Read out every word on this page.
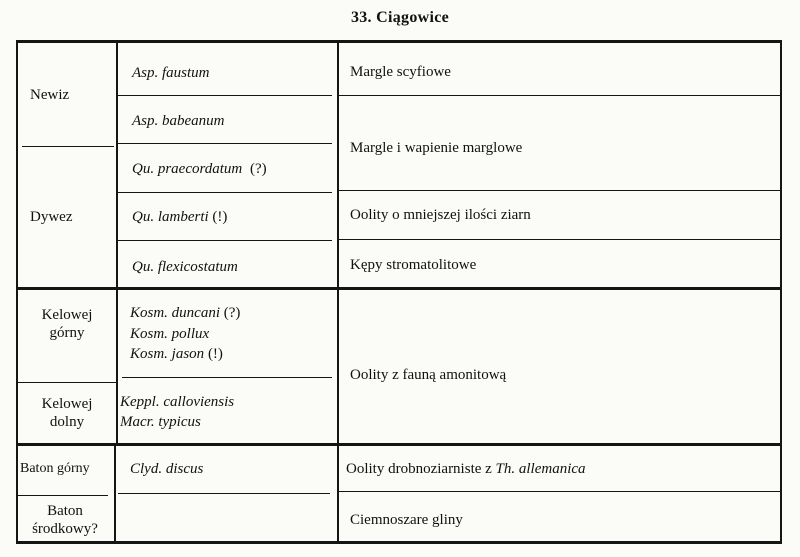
33. Ciągowice
Newiz
Dywez
Kelowej
górny
Kelowej
dolny
Baton górny
Baton
środkowy?
Asp. faustum
Asp. babeanum
Qu. praecordatum (?)
Qu. lamberti (!)
Qu. flexicostatum
Kosm. duncani (?)
Kosm. pollux
Kosm. jason (!)
Keppl. calloviensis
Macr. typicus
Clyd. discus
Margle scyfiowe
Margle i wapienie marglowe
Oolity o mniejszej ilości ziarn
Kępy stromatolitowe
Oolity z fauną amonitową
Oolity drobnoziarniste z Th. allemanica
Ciemnoszare gliny
